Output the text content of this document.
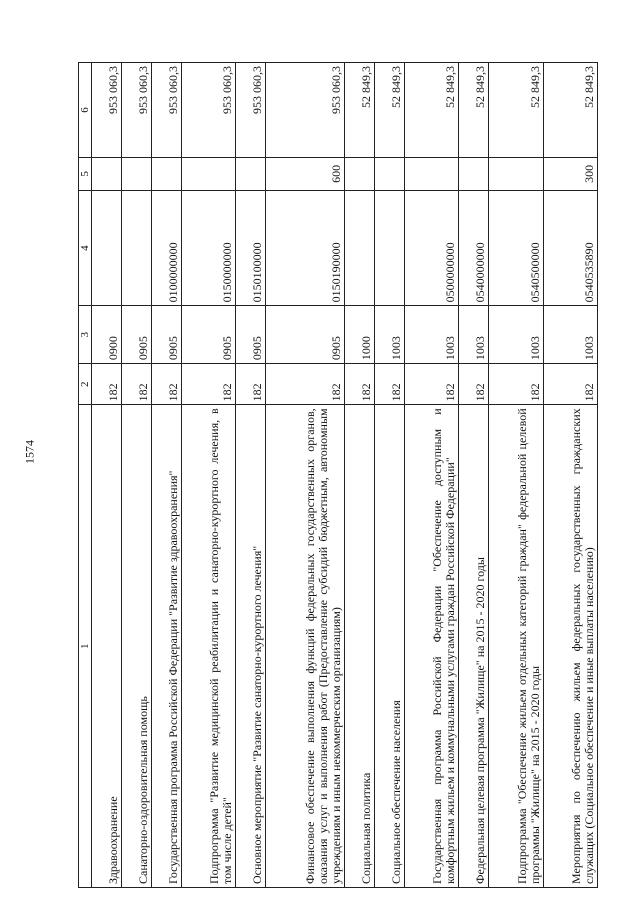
1574
1	2	3	4	5	6
Здравоохранение	182	0900			953 060,3
Санаторно-оздоровительная помощь	182	0905			953 060,3
Государственная программа Российской Федерации "Развитие здравоохранения"	182	0905	0100000000		953 060,3
Подпрограмма "Развитие медицинской реабилитации и санаторно-курортного лечения, в том числе детей"	182	0905	0150000000		953 060,3
Основное мероприятие "Развитие санаторно-курортного лечения"	182	0905	0150100000		953 060,3
Финансовое обеспечение выполнения функций федеральных государственных органов, оказания услуг и выполнения работ (Предоставление субсидий бюджетным, автономным учреждениям и иным некоммерческим организациям)	182	0905	0150190000	600	953 060,3
Социальная политика	182	1000			52 849,3
Социальное обеспечение населения	182	1003			52 849,3
Государственная программа Российской Федерации "Обеспечение доступным и комфортным жильем и коммунальными услугами граждан Российской Федерации"	182	1003	0500000000		52 849,3
Федеральная целевая программа "Жилище" на 2015 - 2020 годы	182	1003	0540000000		52 849,3
Подпрограмма "Обеспечение жильем отдельных категорий граждан" федеральной целевой программы "Жилище" на 2015 - 2020 годы	182	1003	0540500000		52 849,3
Мероприятия по обеспечению жильем федеральных государственных гражданских служащих (Социальное обеспечение и иные выплаты населению)	182	1003	0540535890	300	52 849,3
